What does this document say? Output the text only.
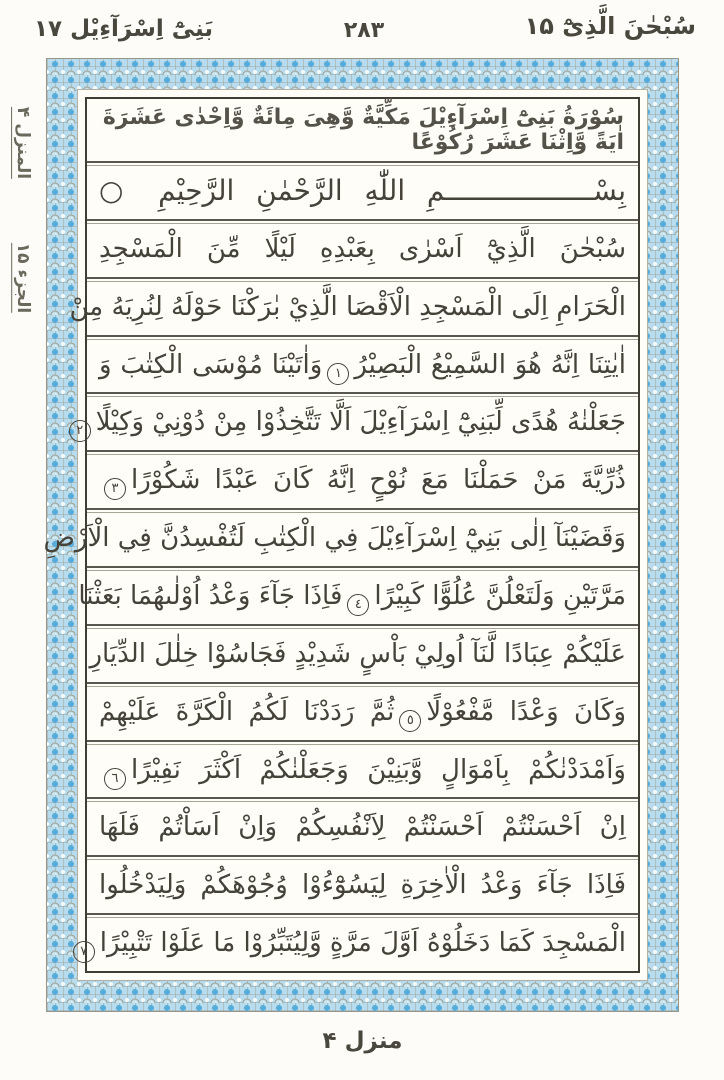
سُبْحٰنَ الَّذِیْٓ ۱۵
۲۸۳
بَنِیْٓ اِسْرَآءِیْل ۱۷
المنزل ۴
الجزء ۱۵
سُوْرَةُ بَنِیْٓ اِسْرَآءِیْلَ مَکِّیَّةٌ وَّهِیَ مِائَةٌ وَّاِحْدٰی عَشَرَةَ اٰیَةً وَّاِثْنَا عَشَرَ رُکُوْعًا
بِسْــــــــــــــــــمِ اللّٰهِ الرَّحْمٰنِ الرَّحِيْمِ ○
سُبْحٰنَ الَّذِيْٓ اَسْرٰى بِعَبْدِهِ لَيْلًا مِّنَ الْمَسْجِدِ
الْحَرَامِ اِلَى الْمَسْجِدِ الْاَقْصَا الَّذِيْ بٰرَكْنَا حَوْلَهُ لِنُرِيَهُ مِنْ
اٰيٰتِنَا اِنَّهُ هُوَ السَّمِيْعُ الْبَصِيْرُ١وَاٰتَيْنَا مُوْسَى الْكِتٰبَ وَ
جَعَلْنٰهُ هُدًى لِّبَنِيْٓ اِسْرَآءِيْلَ اَلَّا تَتَّخِذُوْا مِنْ دُوْنِيْ وَكِيْلًا٢
ذُرِّيَّةَ مَنْ حَمَلْنَا مَعَ نُوْحٍ اِنَّهُ كَانَ عَبْدًا شَكُوْرًا٣
وَقَضَيْنَآ اِلٰى بَنِيْٓ اِسْرَآءِيْلَ فِي الْكِتٰبِ لَتُفْسِدُنَّ فِي الْاَرْضِ
مَرَّتَيْنِ وَلَتَعْلُنَّ عُلُوًّا كَبِيْرًا٤فَاِذَا جَآءَ وَعْدُ اُوْلٰىهُمَا بَعَثْنَا
عَلَيْكُمْ عِبَادًا لَّنَآ اُولِيْ بَاْسٍ شَدِيْدٍ فَجَاسُوْا خِلٰلَ الدِّيَارِ
وَكَانَ وَعْدًا مَّفْعُوْلًا٥ثُمَّ رَدَدْنَا لَكُمُ الْكَرَّةَ عَلَيْهِمْ
وَاَمْدَدْنٰكُمْ بِاَمْوَالٍ وَّبَنِيْنَ وَجَعَلْنٰكُمْ اَكْثَرَ نَفِيْرًا٦
اِنْ اَحْسَنْتُمْ اَحْسَنْتُمْ لِاَنْفُسِكُمْ وَاِنْ اَسَاْتُمْ فَلَهَا
فَاِذَا جَآءَ وَعْدُ الْاٰخِرَةِ لِيَسُوْٓءُوْا وُجُوْهَكُمْ وَلِيَدْخُلُوا
الْمَسْجِدَ كَمَا دَخَلُوْهُ اَوَّلَ مَرَّةٍ وَّلِيُتَبِّرُوْا مَا عَلَوْا تَتْبِيْرًا٧
منزل ۴
